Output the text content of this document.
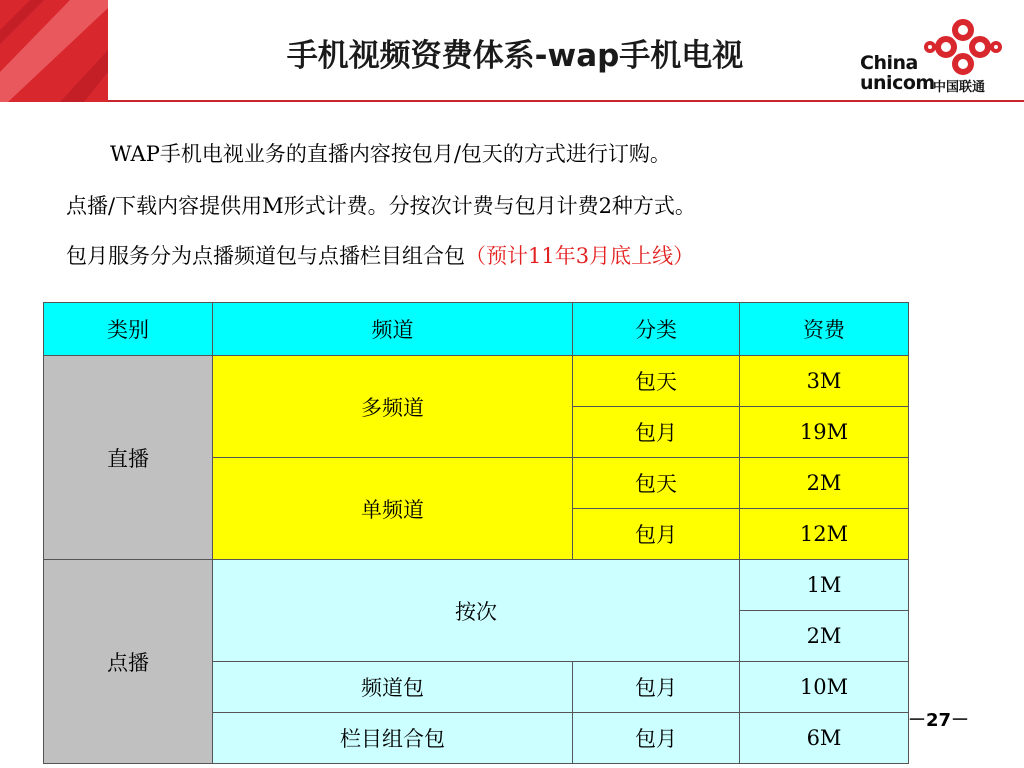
手机视频资费体系-wap手机电视	China
unicom
中国联通
WAP手机电视业务的直播内容按包月/包天的方式进行订购。
点播/下载内容提供用M形式计费。分按次计费与包月计费2种方式。
包月服务分为点播频道包与点播栏目组合包（预计11年3月底上线）
类别	频道	分类	资费
直播	多频道	包天	3M
		包月	19M
	单频道	包天	2M
		包月	12M
点播	按次		1M
			2M
	频道包	包月	10M
	栏目组合包	包月	6M
－27－
